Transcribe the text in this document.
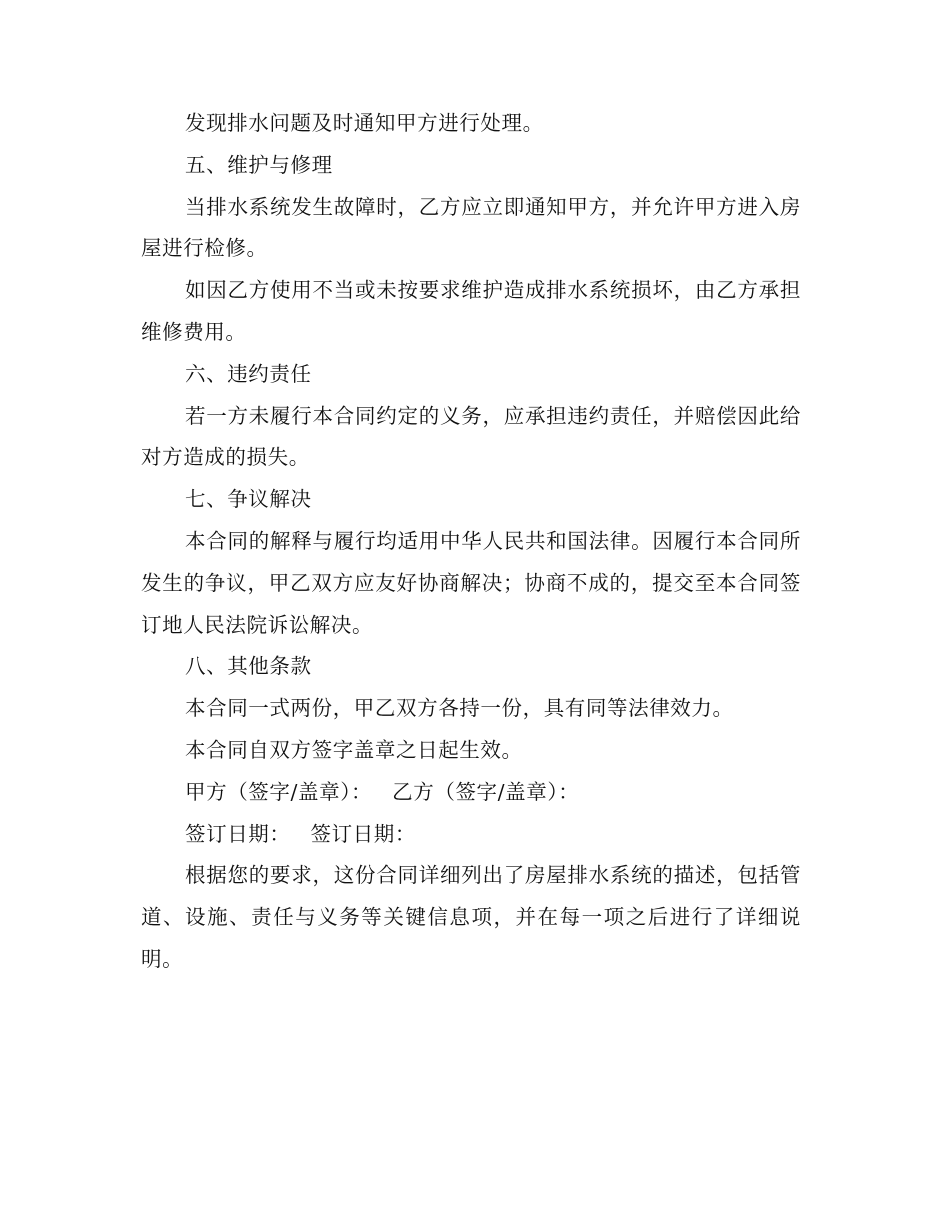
发现排水问题及时通知甲方进行处理。

五、维护与修理

当排水系统发生故障时，乙方应立即通知甲方，并允许甲方进入房屋进行检修。

如因乙方使用不当或未按要求维护造成排水系统损坏，由乙方承担维修费用。

六、违约责任

若一方未履行本合同约定的义务，应承担违约责任，并赔偿因此给对方造成的损失。

七、争议解决

本合同的解释与履行均适用中华人民共和国法律。因履行本合同所发生的争议，甲乙双方应友好协商解决；协商不成的，提交至本合同签订地人民法院诉讼解决。

八、其他条款

本合同一式两份，甲乙双方各持一份，具有同等法律效力。

本合同自双方签字盖章之日起生效。

甲方（签字/盖章）： 乙方（签字/盖章）：

签订日期： 签订日期：

根据您的要求，这份合同详细列出了房屋排水系统的描述，包括管道、设施、责任与义务等关键信息项，并在每一项之后进行了详细说明。
